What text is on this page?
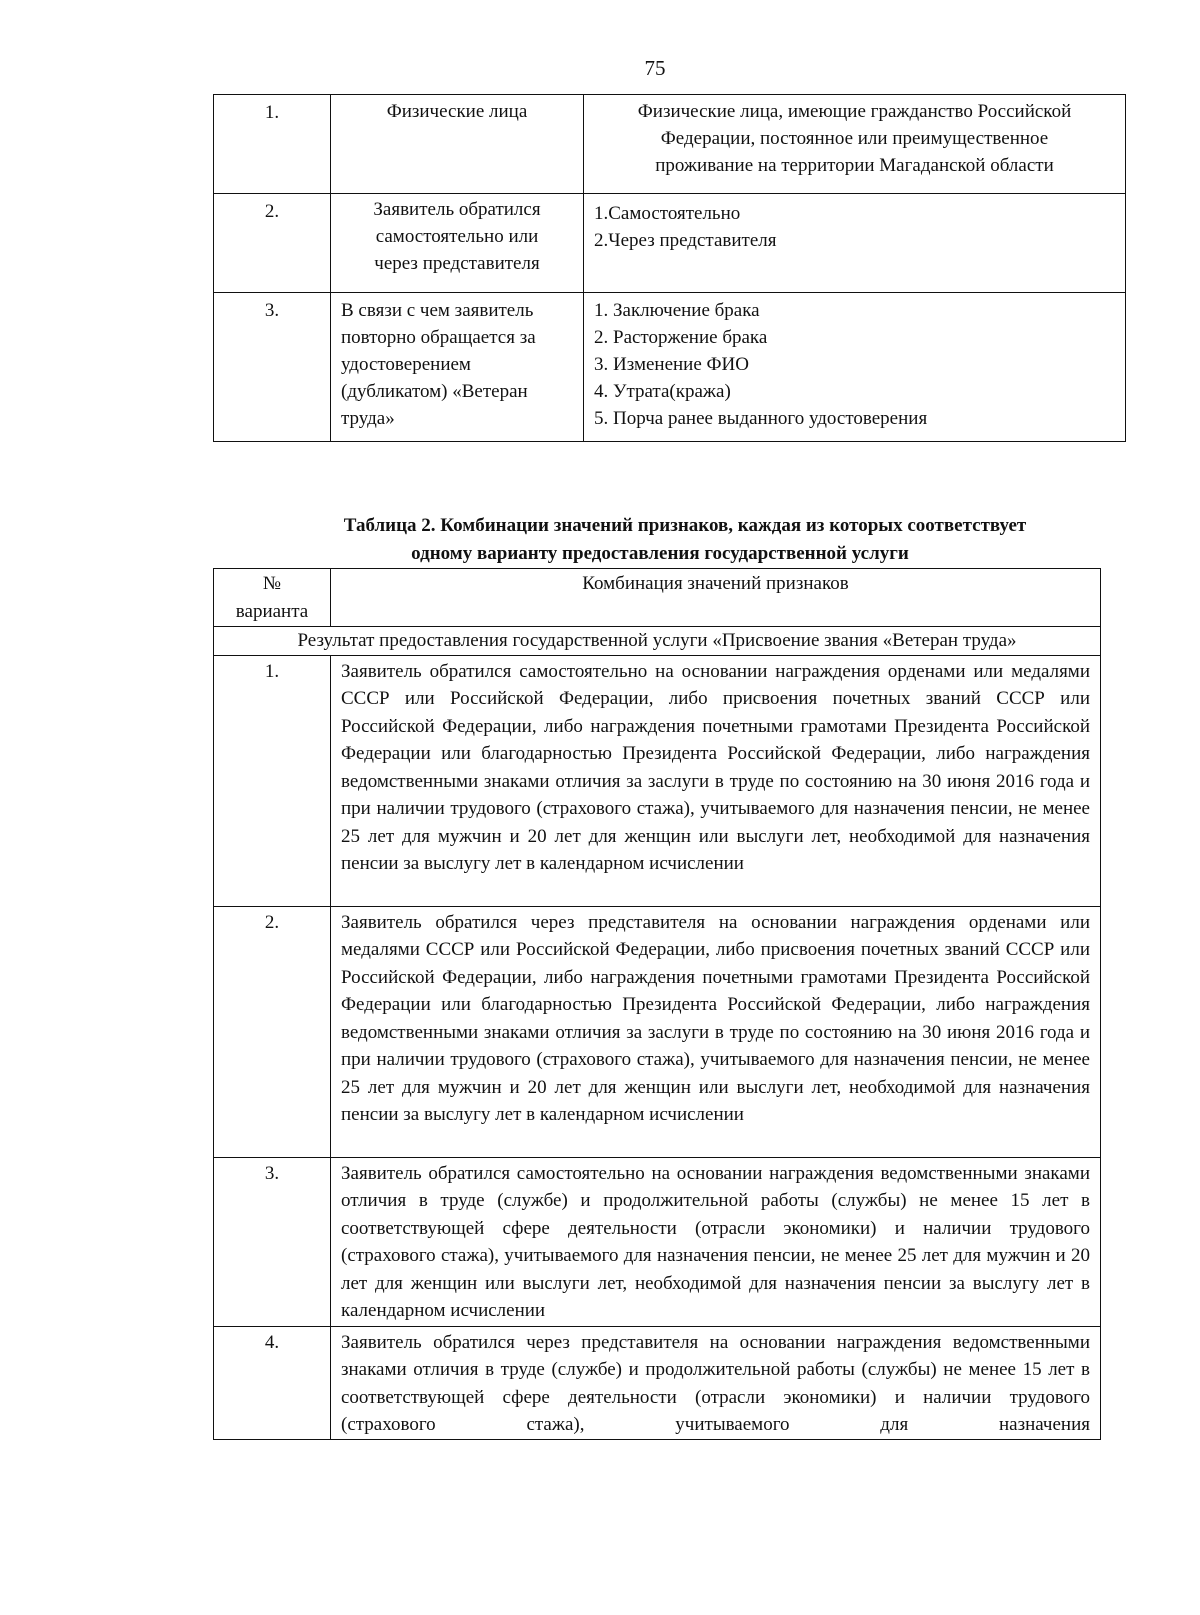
75
1.	Физические лица	Физические лица, имеющие гражданство Российской
Федерации, постоянное или преимущественное
проживание на территории Магаданской области

2.	Заявитель обратился
самостоятельно или
через представителя	1.Самостоятельно
2.Через представителя

3.	В связи с чем заявитель
повторно обращается за
удостоверением
(дубликатом) «Ветеран
труда»	1. Заключение брака
2. Расторжение брака
3. Изменение ФИО
4. Утрата(кража)
5. Порча ранее выданного удостоверения
Таблица 2. Комбинации значений признаков, каждая из которых соответствует
одному варианту предоставления государственной услуги
№
варианта	Комбинация значений признаков
Результат предоставления государственной услуги «Присвоение звания «Ветеран труда»	
1.	Заявитель обратился самостоятельно на основании награждения орденами или медалями СССР или Российской Федерации, либо присвоения почетных званий СССР или Российской Федерации, либо награждения почетными грамотами Президента Российской Федерации или благодарностью Президента Российской Федерации, либо награждения ведомственными знаками отличия за заслуги в труде по состоянию на 30 июня 2016 года и при наличии трудового (страхового стажа), учитываемого для назначения пенсии, не менее 25 лет для мужчин и 20 лет для женщин или выслуги лет, необходимой для назначения пенсии за выслугу лет в календарном исчислении
2.	Заявитель обратился через представителя на основании награждения орденами или медалями СССР или Российской Федерации, либо присвоения почетных званий СССР или Российской Федерации, либо награждения почетными грамотами Президента Российской Федерации или благодарностью Президента Российской Федерации, либо награждения ведомственными знаками отличия за заслуги в труде по состоянию на 30 июня 2016 года и при наличии трудового (страхового стажа), учитываемого для назначения пенсии, не менее 25 лет для мужчин и 20 лет для женщин или выслуги лет, необходимой для назначения пенсии за выслугу лет в календарном исчислении
3.	Заявитель обратился самостоятельно на основании награждения ведомственными знаками отличия в труде (службе) и продолжительной работы (службы) не менее 15 лет в соответствующей сфере деятельности (отрасли экономики) и наличии трудового (страхового стажа), учитываемого для назначения пенсии, не менее 25 лет для мужчин и 20 лет для женщин или выслуги лет, необходимой для назначения пенсии за выслугу лет в календарном исчислении
4.	Заявитель обратился через представителя на основании награждения ведомственными знаками отличия в труде (службе) и продолжительной работы (службы) не менее 15 лет в соответствующей сфере деятельности (отрасли экономики) и наличии трудового (страхового стажа), учитываемого для назначения
